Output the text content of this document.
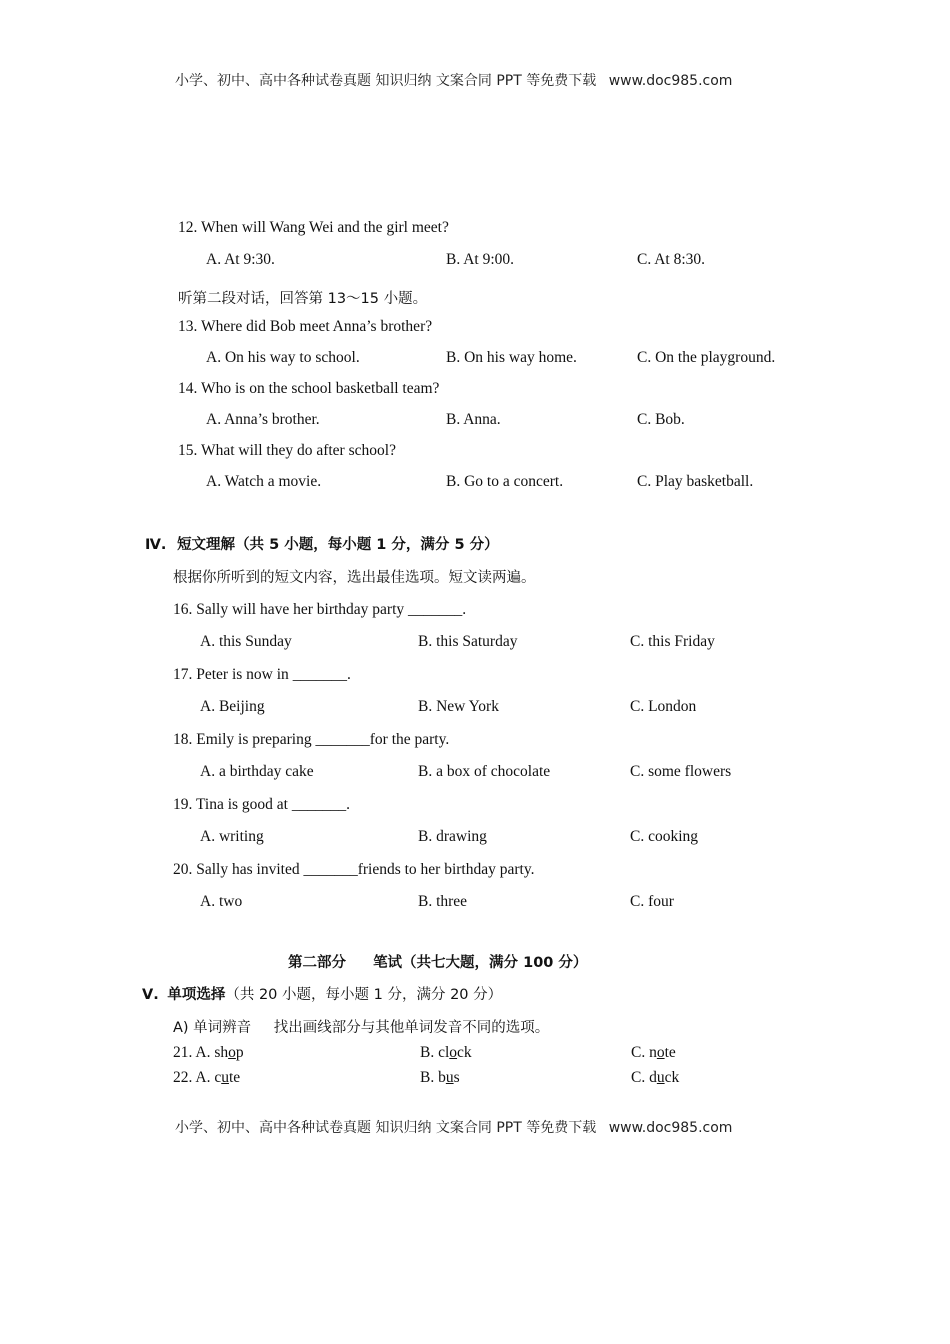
小学、初中、高中各种试卷真题 知识归纳 文案合同 PPT 等免费下载 www.doc985.com
12. When will Wang Wei and the girl meet?
A. At 9:30.	B. At 9:00.	C. At 8:30.
听第二段对话，回答第 13～15 小题。
13. Where did Bob meet Anna’s brother?
A. On his way to school.	B. On his way home.	C. On the playground.
14. Who is on the school basketball team?
A. Anna’s brother.	B. Anna.	C. Bob.
15. What will they do after school?
A. Watch a movie.	B. Go to a concert.	C. Play basketball.
Ⅳ. 短文理解（共 5 小题，每小题 1 分，满分 5 分）
根据你所听到的短文内容，选出最佳选项。短文读两遍。
16. Sally will have her birthday party _______.
A. this Sunday	B. this Saturday	C. this Friday
17. Peter is now in _______.
A. Beijing	B. New York	C. London
18. Emily is preparing _______for the party.
A. a birthday cake	B. a box of chocolate	C. some flowers
19. Tina is good at _______.
A. writing	B. drawing	C. cooking
20. Sally has invited _______friends to her birthday party.
A. two	B. three	C. four
第二部分 笔试（共七大题，满分 100 分）
Ⅴ. 单项选择（共 20 小题，每小题 1 分，满分 20 分）
A) 单词辨音 找出画线部分与其他单词发音不同的选项。
21. A. shop	B. clock	C. note
22. A. cute	B. bus	C. duck
小学、初中、高中各种试卷真题 知识归纳 文案合同 PPT 等免费下载 www.doc985.com
